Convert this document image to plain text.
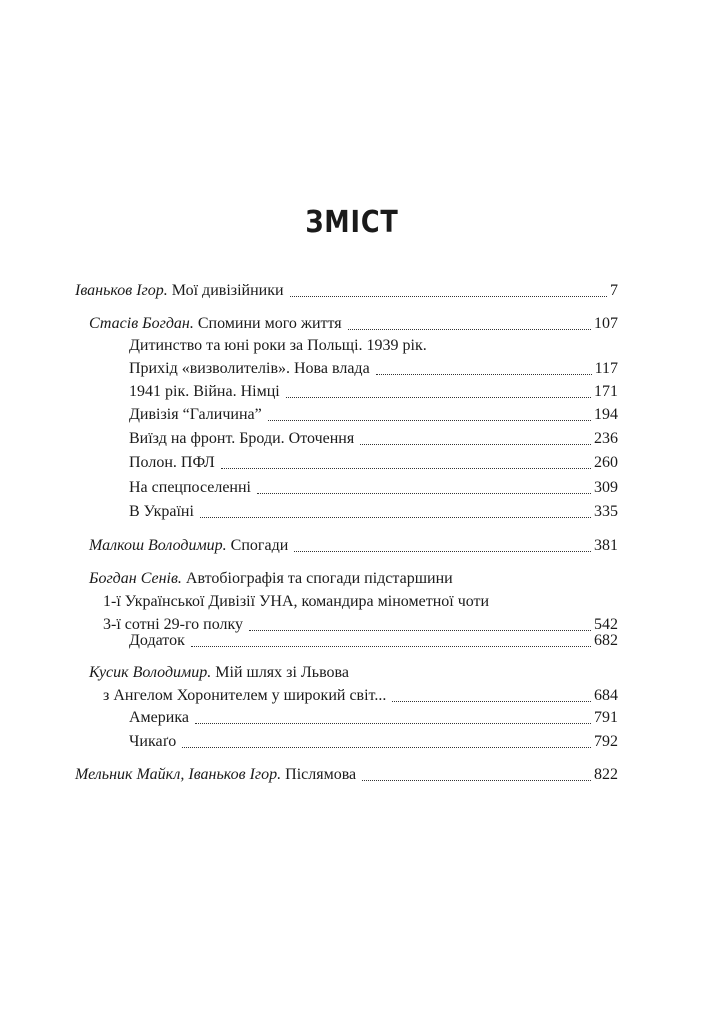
ЗМІСТ
Іваньков Ігор. Мої дивізійники	7
Стасів Богдан. Спомини мого життя	107
Дитинство та юні роки за Польщі. 1939 рік.
Прихід «визволителів». Нова влада	117
1941 рік. Війна. Німці	171
Дивізія “Галичина”	194
Виїзд на фронт. Броди. Оточення	236
Полон. ПФЛ	260
На спецпоселенні	309
В Україні	335
Малкош Володимир. Спогади	381
Богдан Сенів. Автобіографія та спогади підстаршини
1-ї Української Дивізії УНА, командира мінометної чоти
3-ї сотні 29-го полку	542
Додаток	682
Кусик Володимир. Мій шлях зі Львова
з Ангелом Хоронителем у широкий світ...	684
Америка	791
Чикаґо	792
Мельник Майкл, Іваньков Ігор. Післямова	822
